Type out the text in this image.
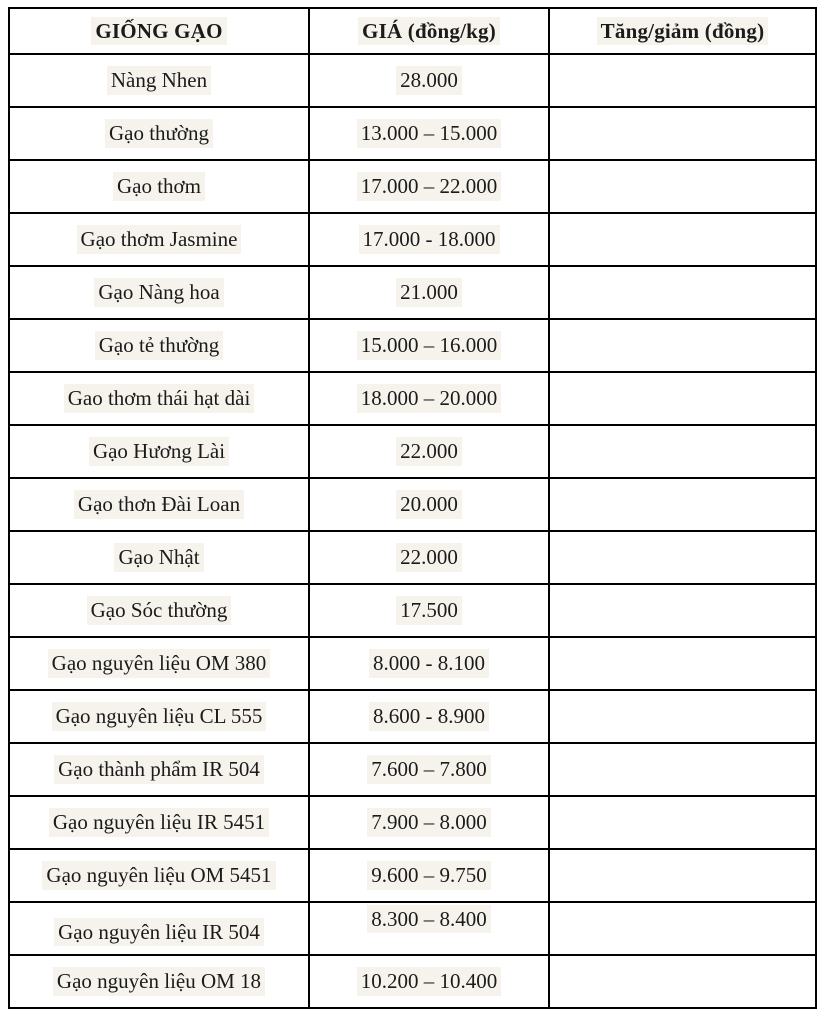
GIỐNG GẠO	GIÁ (đồng/kg)	Tăng/giảm (đồng)
Nàng Nhen	28.000	
Gạo thường	13.000 – 15.000	
Gạo thơm	17.000 – 22.000	
Gạo thơm Jasmine	17.000 - 18.000	
Gạo Nàng hoa	21.000	
Gạo tẻ thường	15.000 – 16.000	
Gao thơm thái hạt dài	18.000 – 20.000	
Gạo Hương Lài	22.000	
Gạo thơn Đài Loan	20.000	
Gạo Nhật	22.000	
Gạo Sóc thường	17.500	
Gạo nguyên liệu OM 380	8.000 - 8.100	
Gạo nguyên liệu CL 555	8.600 - 8.900	
Gạo thành phẩm IR 504	7.600 – 7.800	
Gạo nguyên liệu IR 5451	7.900 – 8.000	
Gạo nguyên liệu OM 5451	9.600 – 9.750	
Gạo nguyên liệu IR 504	8.300 – 8.400	
Gạo nguyên liệu OM 18	10.200 – 10.400	
